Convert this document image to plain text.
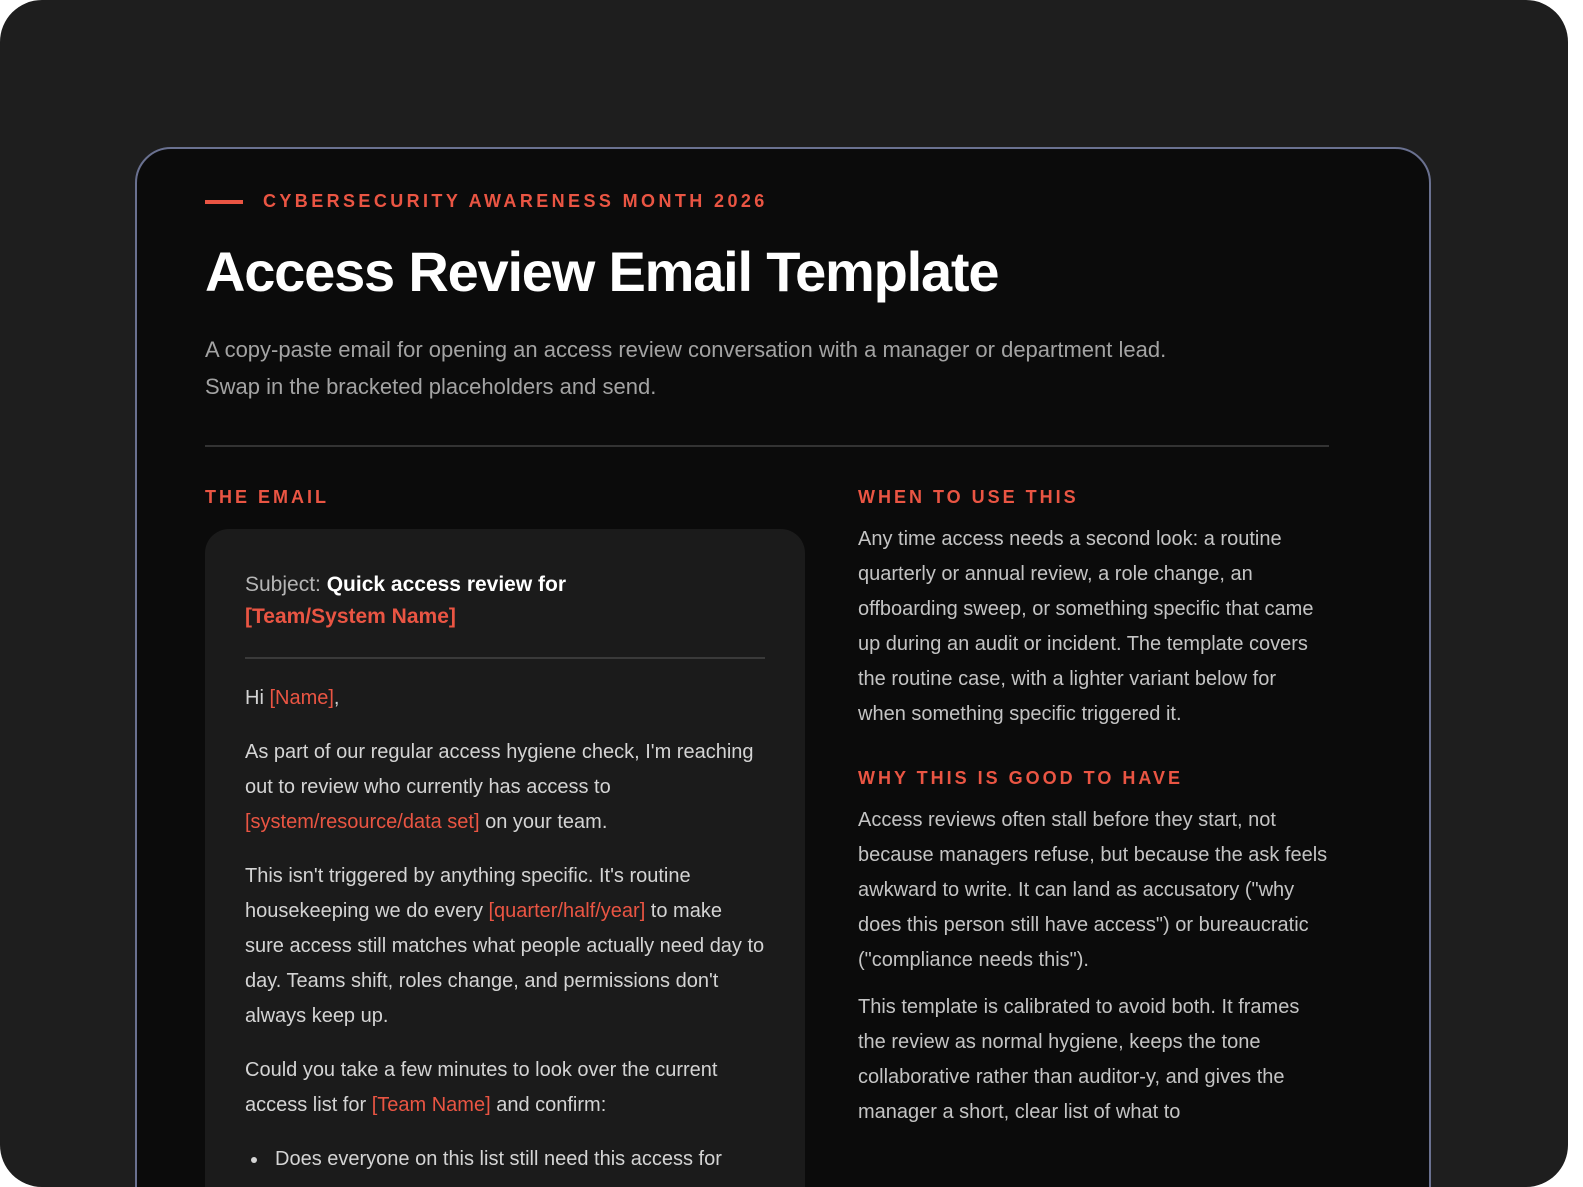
CYBERSECURITY AWARENESS MONTH 2026
Access Review Email Template

A copy-paste email for opening an access review conversation with a manager or department lead. Swap in the bracketed placeholders and send.

THE EMAIL
Subject: Quick access review for [Team/System Name]

Hi [Name],

As part of our regular access hygiene check, I'm reaching out to review who currently has access to [system/resource/data set] on your team.

This isn't triggered by anything specific. It's routine housekeeping we do every [quarter/half/year] to make sure access still matches what people actually need day to day. Teams shift, roles change, and permissions don't always keep up.

Could you take a few minutes to look over the current access list for [Team Name] and confirm:

Does everyone on this list still need this access for
WHEN TO USE THIS

Any time access needs a second look: a routine quarterly or annual review, a role change, an offboarding sweep, or something specific that came up during an audit or incident. The template covers the routine case, with a lighter variant below for when something specific triggered it.

WHY THIS IS GOOD TO HAVE

Access reviews often stall before they start, not because managers refuse, but because the ask feels awkward to write. It can land as accusatory ("why does this person still have access") or bureaucratic ("compliance needs this").

This template is calibrated to avoid both. It frames the review as normal hygiene, keeps the tone collaborative rather than auditor-y, and gives the manager a short, clear list of what to
